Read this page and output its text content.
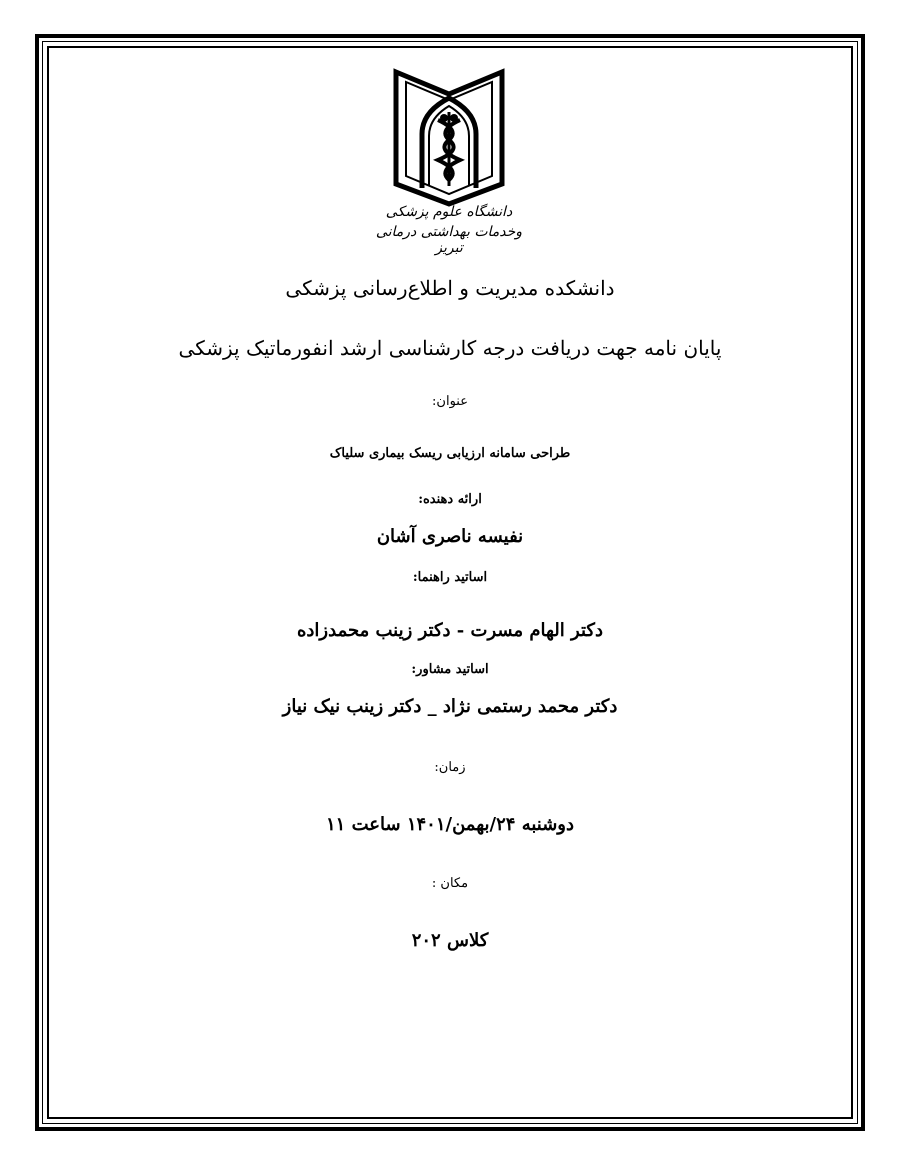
دانشگاه علوم پزشکی
وخدمات بهداشتی درمانی تبریز
دانشکده مدیریت و اطلاع‌رسانی پزشکی
پایان نامه جهت دریافت درجه کارشناسی ارشد انفورماتیک پزشکی
عنوان:
طراحی سامانه ارزیابی ریسک بیماری سلیاک
ارائه دهنده:
نفیسه ناصری آشان
اساتید راهنما:
دکتر الهام مسرت - دکتر زینب محمدزاده
اساتید مشاور:
دکتر محمد رستمی نژاد _ دکتر زینب نیک نیاز
زمان:
دوشنبه ۲۴/بهمن/۱۴۰۱ ساعت ۱۱
مکان :
کلاس ۲۰۲
